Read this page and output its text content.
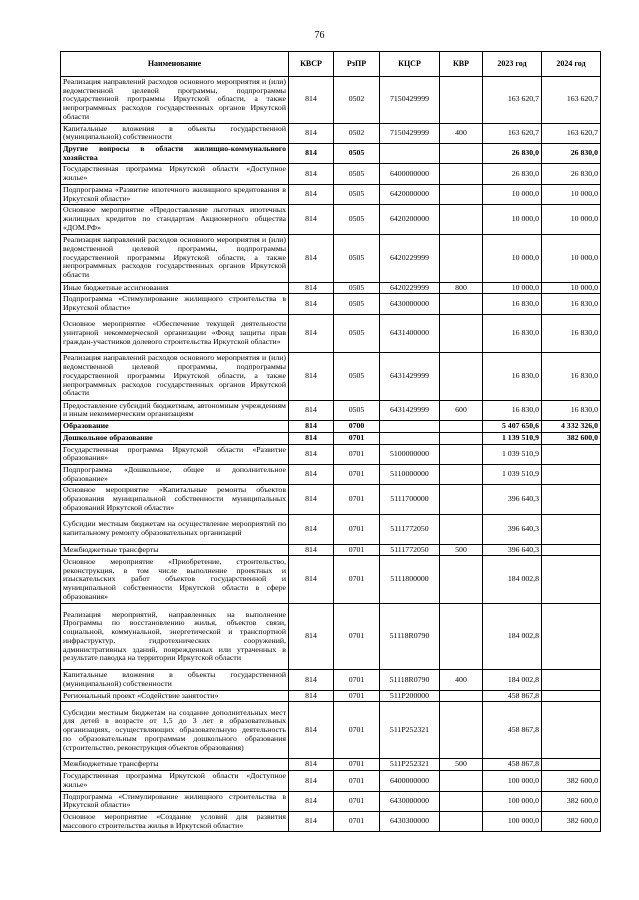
76
Наименование	КВСР	РзПР	КЦСР	КВР	2023 год	2024 год
Реализация направлений расходов основного мероприятия и (или) ведомственной целевой программы, подпрограммы государственной программы Иркутской области, а также непрограммных расходов государственных органов Иркутской области	814	0502	7150429999		163 620,7	163 620,7
Капитальные вложения в объекты государственной (муниципальной) собственности	814	0502	7150429999	400	163 620,7	163 620,7
Другие вопросы в области жилищно-коммунального хозяйства	814	0505			26 830,0	26 830,0
Государственная программа Иркутской области «Доступное жилье»	814	0505	6400000000		26 830,0	26 830,0
Подпрограмма «Развитие ипотечного жилищного кредитования в Иркутской области»	814	0505	6420000000		10 000,0	10 000,0
Основное мероприятие «Предоставление льготных ипотечных жилищных кредитов по стандартам Акционерного общества «ДОМ.РФ»	814	0505	6420200000		10 000,0	10 000,0
Реализация направлений расходов основного мероприятия и (или) ведомственной целевой программы, подпрограммы государственной программы Иркутской области, а также непрограммных расходов государственных органов Иркутской области	814	0505	6420229999		10 000,0	10 000,0
Иные бюджетные ассигнования	814	0505	6420229999	800	10 000,0	10 000,0
Подпрограмма «Стимулирование жилищного строительства в Иркутской области»	814	0505	6430000000		16 830,0	16 830,0
Основное мероприятие «Обеспечение текущей деятельности унитарной некоммерческой организации «Фонд защиты прав граждан-участников долевого строительства Иркутской области»	814	0505	6431400000		16 830,0	16 830,0
Реализация направлений расходов основного мероприятия и (или) ведомственной целевой программы, подпрограммы государственной программы Иркутской области, а также непрограммных расходов государственных органов Иркутской области	814	0505	6431429999		16 830,0	16 830,0
Предоставление субсидий бюджетным, автономным учреждениям и иным некоммерческим организациям	814	0505	6431429999	600	16 830,0	16 830,0
Образование	814	0700			5 407 650,6	4 332 326,0
Дошкольное образование	814	0701			1 139 510,9	382 600,0
Государственная программа Иркутской области «Развитие образования»	814	0701	5100000000		1 039 510,9	
Подпрограмма «Дошкольное, общее и дополнительное образование»	814	0701	5110000000		1 039 510,9	
Основное мероприятие «Капитальные ремонты объектов образования муниципальной собственности муниципальных образований Иркутской области»	814	0701	5111700000		396 640,3	
Субсидии местным бюджетам на осуществление мероприятий по капитальному ремонту образовательных организаций	814	0701	5111772050		396 640,3	
Межбюджетные трансферты	814	0701	5111772050	500	396 640,3	
Основное мероприятие «Приобретение, строительство, реконструкция, в том числе выполнение проектных и изыскательских работ объектов государственной и муниципальной собственности Иркутской области в сфере образования»	814	0701	5111800000		184 002,8	
Реализация мероприятий, направленных на выполнение Программы по восстановлению жилья, объектов связи, социальной, коммунальной, энергетической и транспортной инфраструктур, гидротехнических сооружений, административных зданий, поврежденных или утраченных в результате паводка на территории Иркутской области	814	0701	51118R0790		184 002,8	
Капитальные вложения в объекты государственной (муниципальной) собственности	814	0701	51118R0790	400	184 002,8	
Региональный проект «Содействие занятости»	814	0701	511P200000		458 867,8	
Субсидии местным бюджетам на создание дополнительных мест для детей в возрасте от 1,5 до 3 лет в образовательных организациях, осуществляющих образовательную деятельность по образовательным программам дошкольного образования (строительство, реконструкция объектов образования)	814	0701	511P252321		458 867,8	
Межбюджетные трансферты	814	0701	511P252321	500	458 867,8	
Государственная программа Иркутской области «Доступное жилье»	814	0701	6400000000		100 000,0	382 600,0
Подпрограмма «Стимулирование жилищного строительства в Иркутской области»	814	0701	6430000000		100 000,0	382 600,0
Основное мероприятие «Создание условий для развития массового строительства жилья в Иркутской области»	814	0701	6430300000		100 000,0	382 600,0
